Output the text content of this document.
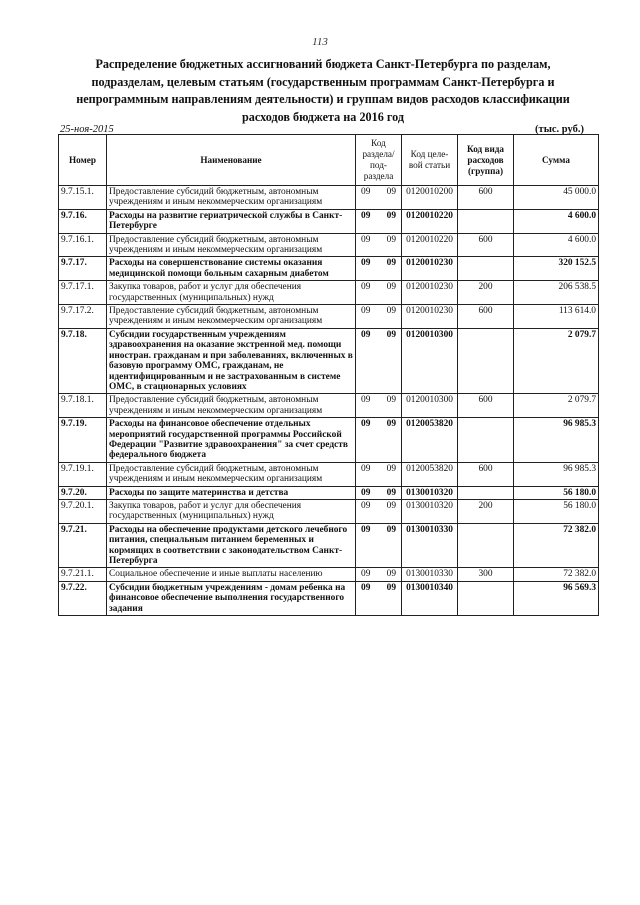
113
Распределение бюджетных ассигнований бюджета Санкт-Петербурга по разделам, подразделам, целевым статьям (государственным программам Санкт-Петербурга и непрограммным направлениям деятельности) и группам видов расходов классификации расходов бюджета на 2016 год
25-ноя-2015	(тыс. руб.)
Номер	Наименование	Код раздела/ под-раздела	Код целе-вой статьи	Код вида расходов (группа)	Сумма
9.7.15.1.	Предоставление субсидий бюджетным, автономным учреждениям и иным некоммерческим организациям	09 09	0120010200	600	45 000.0
9.7.16.	Расходы на развитие гериатрической службы в Санкт-Петербурге	09 09	0120010220		4 600.0
9.7.16.1.	Предоставление субсидий бюджетным, автономным учреждениям и иным некоммерческим организациям	09 09	0120010220	600	4 600.0
9.7.17.	Расходы на совершенствование системы оказания медицинской помощи больным сахарным диабетом	09 09	0120010230		320 152.5
9.7.17.1.	Закупка товаров, работ и услуг для обеспечения государственных (муниципальных) нужд	09 09	0120010230	200	206 538.5
9.7.17.2.	Предоставление субсидий бюджетным, автономным учреждениям и иным некоммерческим организациям	09 09	0120010230	600	113 614.0
9.7.18.	Субсидии государственным учреждениям здравоохранения на оказание экстренной мед. помощи иностран. гражданам и при заболеваниях, включенных в базовую программу ОМС, гражданам, не идентифицированным и не застрахованным в системе ОМС, в стационарных условиях	09 09	0120010300		2 079.7
9.7.18.1.	Предоставление субсидий бюджетным, автономным учреждениям и иным некоммерческим организациям	09 09	0120010300	600	2 079.7
9.7.19.	Расходы на финансовое обеспечение отдельных мероприятий государственной программы Российской Федерации "Развитие здравоохранения" за счет средств федерального бюджета	09 09	0120053820		96 985.3
9.7.19.1.	Предоставление субсидий бюджетным, автономным учреждениям и иным некоммерческим организациям	09 09	0120053820	600	96 985.3
9.7.20.	Расходы по защите материнства и детства	09 09	0130010320		56 180.0
9.7.20.1.	Закупка товаров, работ и услуг для обеспечения государственных (муниципальных) нужд	09 09	0130010320	200	56 180.0
9.7.21.	Расходы на обеспечение продуктами детского лечебного питания, специальным питанием беременных и кормящих в соответствии с законодательством Санкт-Петербурга	09 09	0130010330		72 382.0
9.7.21.1.	Социальное обеспечение и иные выплаты населению	09 09	0130010330	300	72 382.0
9.7.22.	Субсидии бюджетным учреждениям - домам ребенка на финансовое обеспечение выполнения государственного задания	09 09	0130010340		96 569.3
